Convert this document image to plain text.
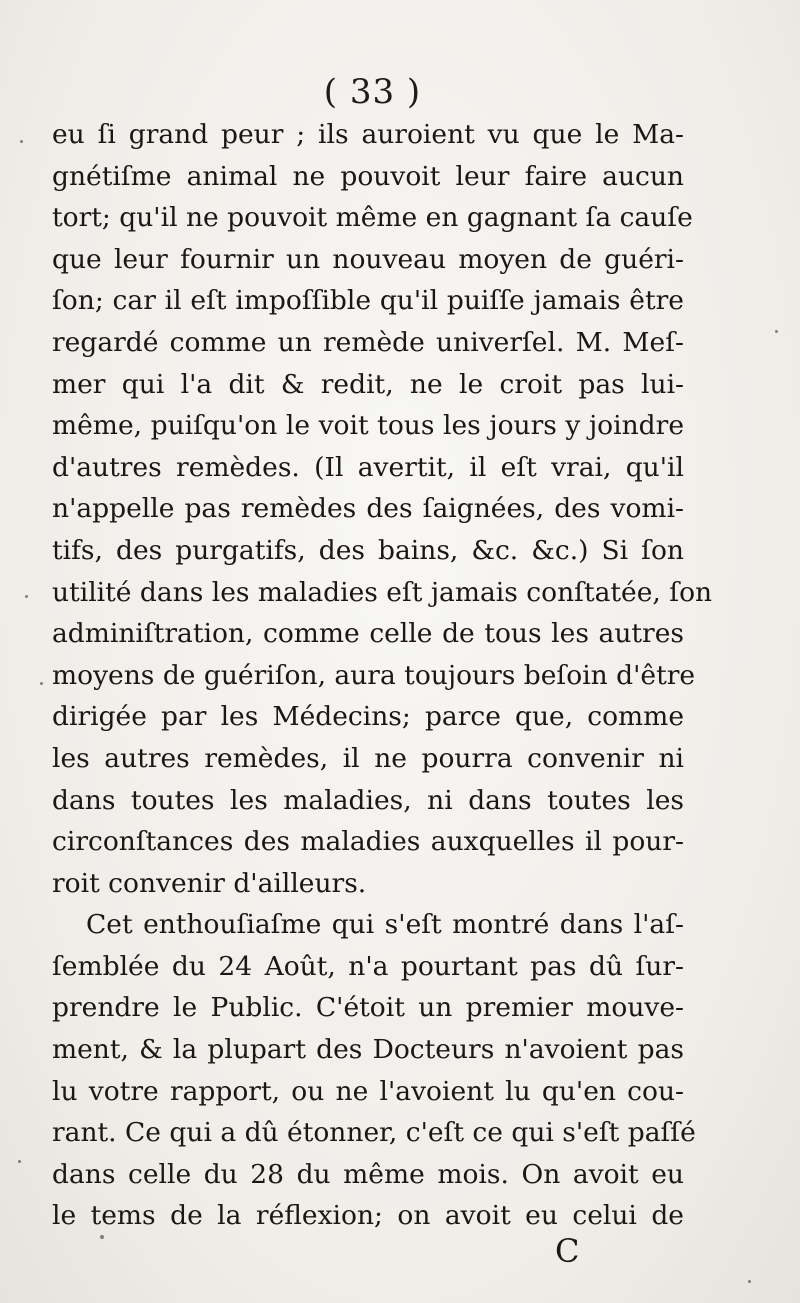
( 33 )
eu ſi grand peur ; ils auroient vu que le Ma-
gnétiſme animal ne pouvoit leur faire aucun
tort; qu'il ne pouvoit même en gagnant ſa cauſe
que leur fournir un nouveau moyen de guéri-
ſon; car il eſt impoſſible qu'il puiſſe jamais être
regardé comme un remède univerſel. M. Meſ-
mer qui l'a dit & redit, ne le croit pas lui-
même, puiſqu'on le voit tous les jours y joindre
d'autres remèdes. (Il avertit, il eſt vrai, qu'il
n'appelle pas remèdes des ſaignées, des vomi-
tifs, des purgatifs, des bains, &c. &c.) Si ſon
utilité dans les maladies eſt jamais conſtatée, ſon
adminiſtration, comme celle de tous les autres
moyens de guériſon, aura toujours beſoin d'être
dirigée par les Médecins; parce que, comme
les autres remèdes, il ne pourra convenir ni
dans toutes les maladies, ni dans toutes les
circonſtances des maladies auxquelles il pour-
roit convenir d'ailleurs.
Cet enthouſiaſme qui s'eſt montré dans l'aſ-
ſemblée du 24 Août, n'a pourtant pas dû ſur-
prendre le Public. C'étoit un premier mouve-
ment, & la plupart des Docteurs n'avoient pas
lu votre rapport, ou ne l'avoient lu qu'en cou-
rant. Ce qui a dû étonner, c'eſt ce qui s'eſt paſſé
dans celle du 28 du même mois. On avoit eu
le tems de la réflexion; on avoit eu celui de
C
